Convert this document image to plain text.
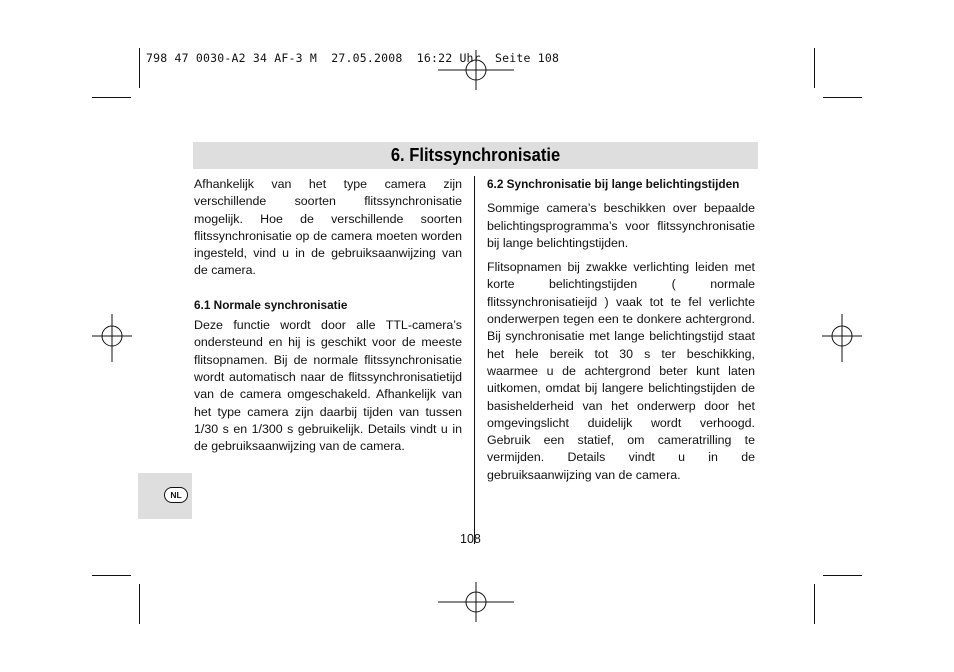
798 47 0030-A2 34 AF-3 M  27.05.2008  16:22 Uhr  Seite 108
6. Flitssynchronisatie

Afhankelijk van het type camera zijn verschillende soorten flitssynchronisatie mogelijk. Hoe de verschillende soorten flitssynchronisatie op de camera moeten worden ingesteld, vind u in de gebruiksaanwijzing van de camera.

6.1 Normale synchronisatie

Deze functie wordt door alle TTL-camera’s ondersteund en hij is geschikt voor de meeste flitsopnamen. Bij de normale flitssynchronisatie wordt automatisch naar de flitssynchronisatietijd van de camera omgeschakeld. Afhankelijk van het type camera zijn daarbij tijden van tussen 1/30 s en 1/300 s gebruikelijk. Details vindt u in de gebruiksaanwijzing van de camera.

6.2 Synchronisatie bij lange belichtingstijden

Sommige camera’s beschikken over bepaalde belichtingsprogramma’s voor flitssynchronisatie bij lange belichtingstijden.

Flitsopnamen bij zwakke verlichting leiden met korte belichtingstijden ( normale flitssynchronisatieijd ) vaak tot te fel verlichte onderwerpen tegen een te donkere achtergrond. Bij synchronisatie met lange belichtingstijd staat het hele bereik tot 30 s ter beschikking, waarmee u de achtergrond beter kunt laten uitkomen, omdat bij langere belichtingstijden de basishelderheid van het onderwerp door het omgevingslicht duidelijk wordt verhoogd. Gebruik een statief, om cameratrilling te vermijden. Details vindt u in de gebruiksaanwijzing van de camera.

NL
108
